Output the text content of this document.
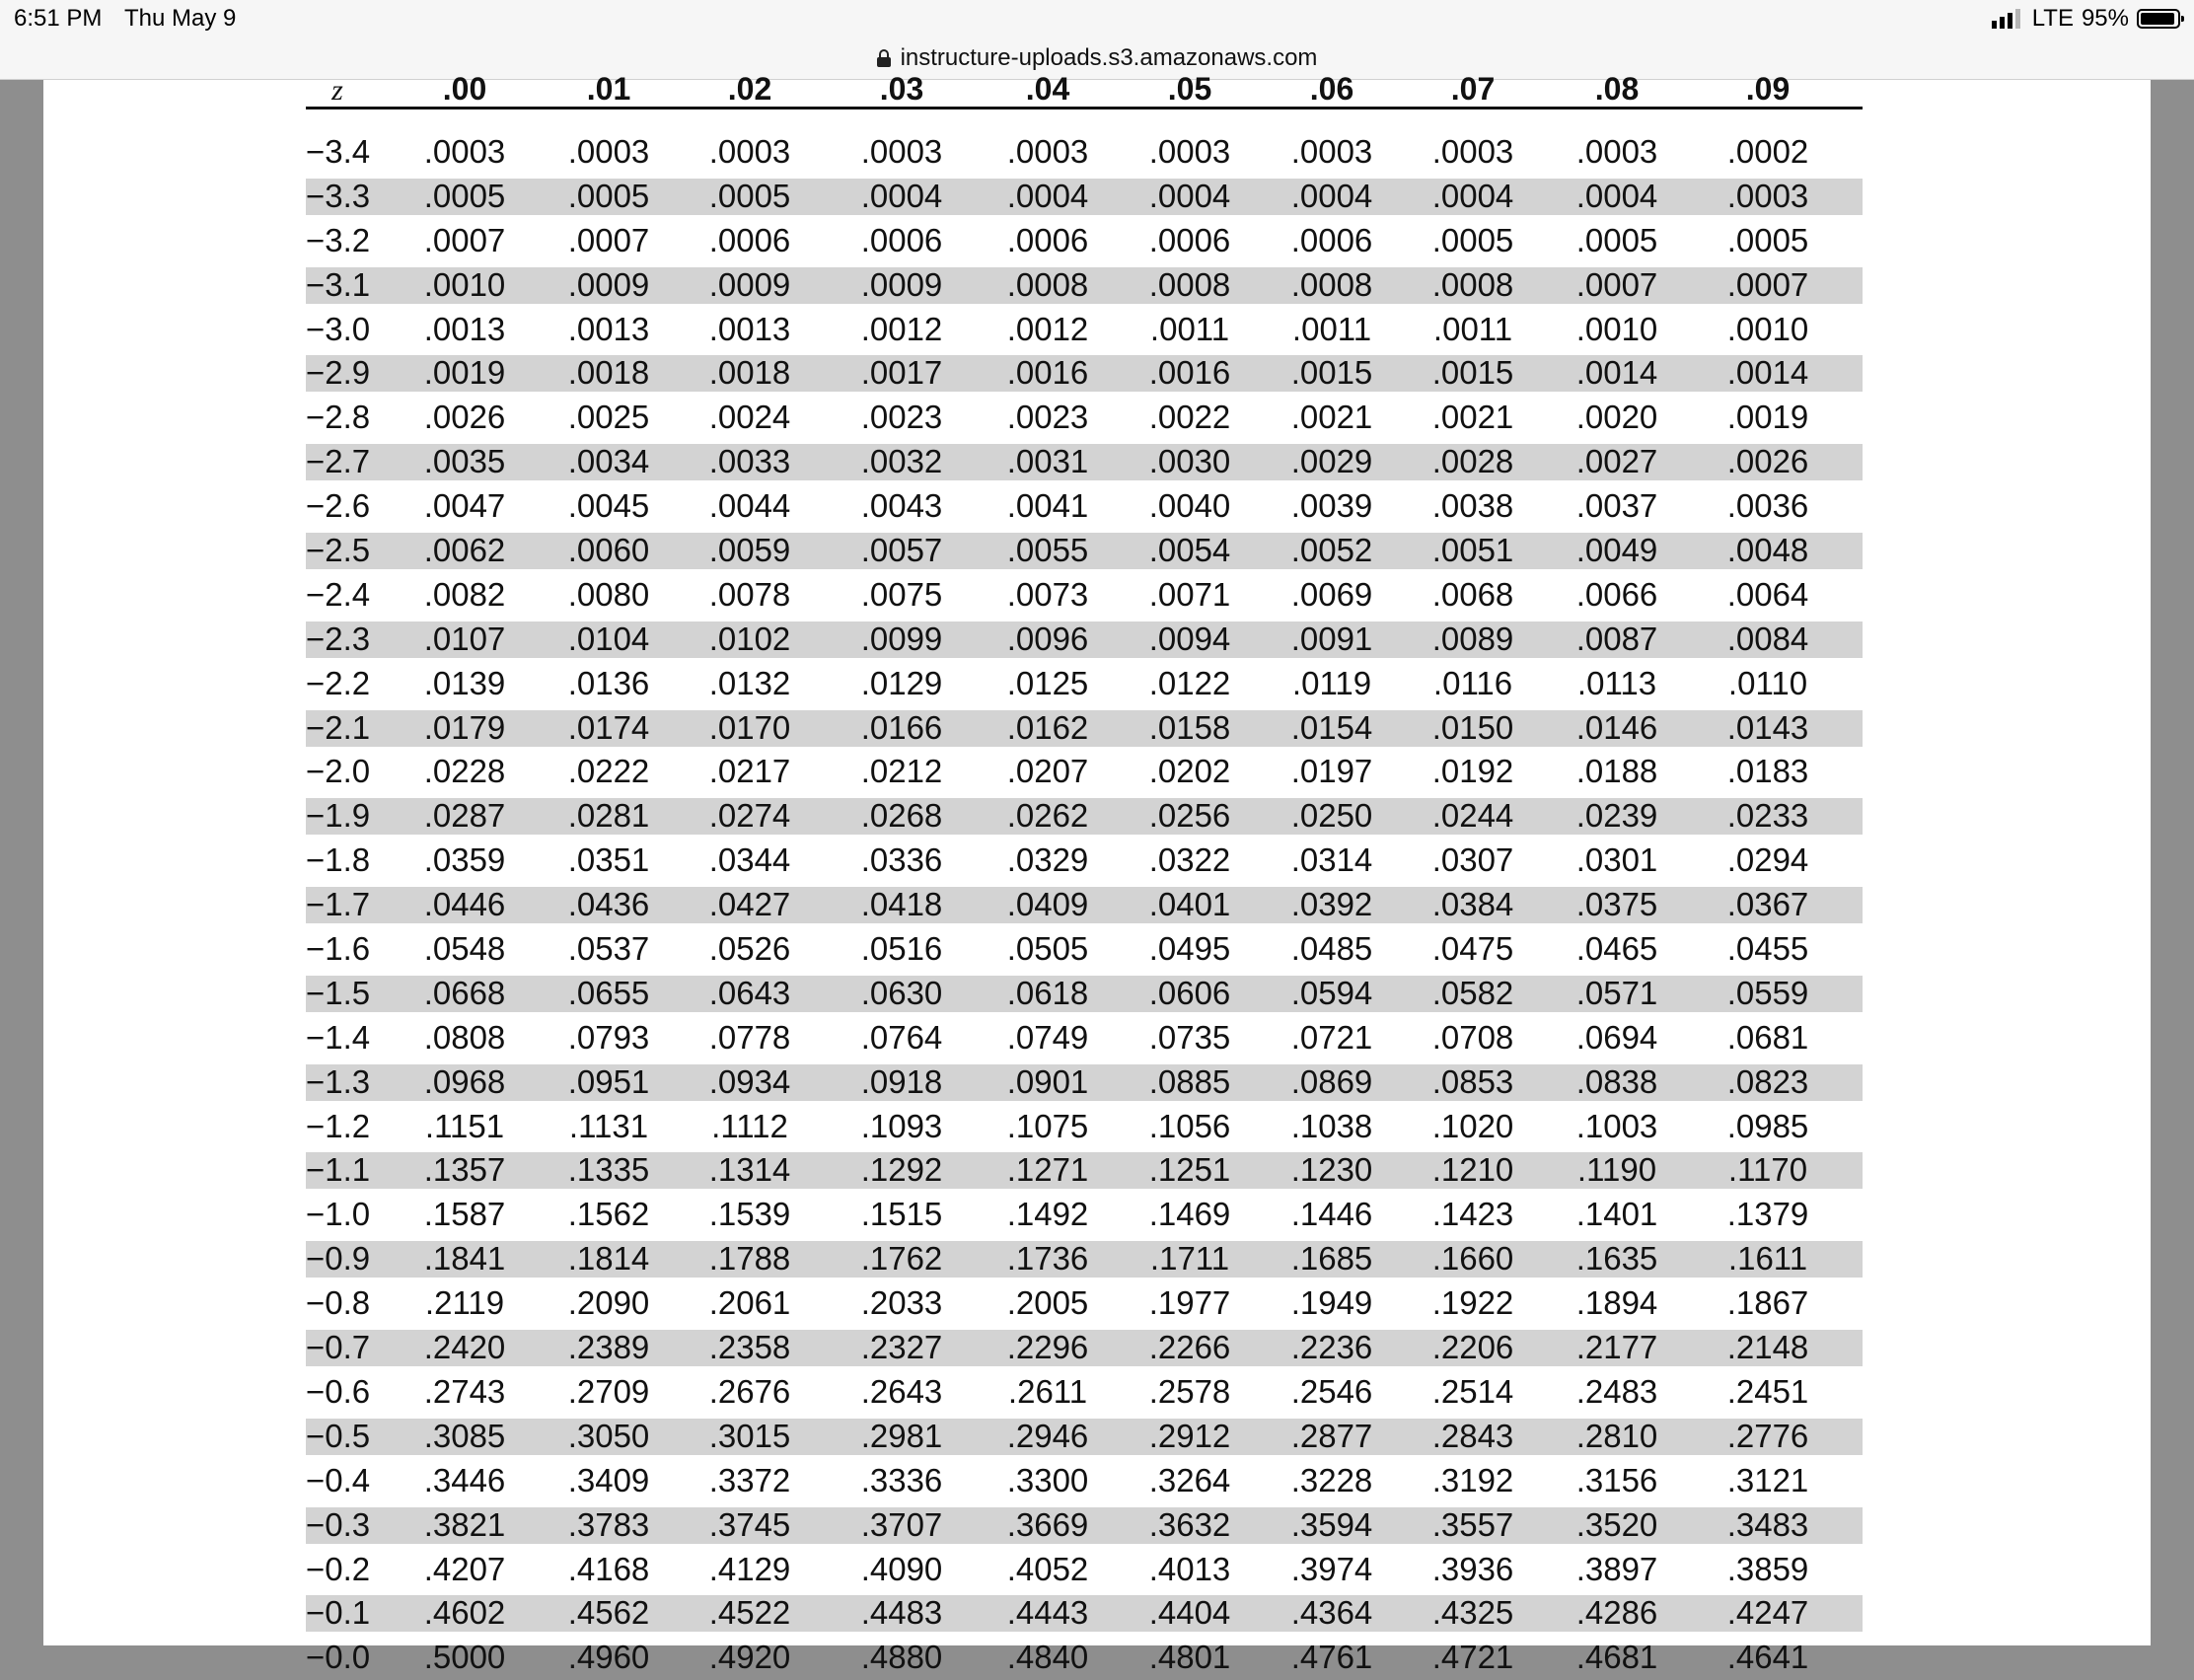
6:51 PM Thu May 9	LTE 95%
instructure-uploads.s3.amazonaws.com
z	.00	.01	.02	.03	.04	.05	.06	.07	.08	.09
−3.4 .0003 .0003 .0003 .0003 .0003 .0003 .0003 .0003 .0003 .0002
−3.3 .0005 .0005 .0005 .0004 .0004 .0004 .0004 .0004 .0004 .0003
−3.2 .0007 .0007 .0006 .0006 .0006 .0006 .0006 .0005 .0005 .0005
−3.1 .0010 .0009 .0009 .0009 .0008 .0008 .0008 .0008 .0007 .0007
−3.0 .0013 .0013 .0013 .0012 .0012 .0011 .0011 .0011 .0010 .0010
−2.9 .0019 .0018 .0018 .0017 .0016 .0016 .0015 .0015 .0014 .0014
−2.8 .0026 .0025 .0024 .0023 .0023 .0022 .0021 .0021 .0020 .0019
−2.7 .0035 .0034 .0033 .0032 .0031 .0030 .0029 .0028 .0027 .0026
−2.6 .0047 .0045 .0044 .0043 .0041 .0040 .0039 .0038 .0037 .0036
−2.5 .0062 .0060 .0059 .0057 .0055 .0054 .0052 .0051 .0049 .0048
−2.4 .0082 .0080 .0078 .0075 .0073 .0071 .0069 .0068 .0066 .0064
−2.3 .0107 .0104 .0102 .0099 .0096 .0094 .0091 .0089 .0087 .0084
−2.2 .0139 .0136 .0132 .0129 .0125 .0122 .0119 .0116 .0113 .0110
−2.1 .0179 .0174 .0170 .0166 .0162 .0158 .0154 .0150 .0146 .0143
−2.0 .0228 .0222 .0217 .0212 .0207 .0202 .0197 .0192 .0188 .0183
−1.9 .0287 .0281 .0274 .0268 .0262 .0256 .0250 .0244 .0239 .0233
−1.8 .0359 .0351 .0344 .0336 .0329 .0322 .0314 .0307 .0301 .0294
−1.7 .0446 .0436 .0427 .0418 .0409 .0401 .0392 .0384 .0375 .0367
−1.6 .0548 .0537 .0526 .0516 .0505 .0495 .0485 .0475 .0465 .0455
−1.5 .0668 .0655 .0643 .0630 .0618 .0606 .0594 .0582 .0571 .0559
−1.4 .0808 .0793 .0778 .0764 .0749 .0735 .0721 .0708 .0694 .0681
−1.3 .0968 .0951 .0934 .0918 .0901 .0885 .0869 .0853 .0838 .0823
−1.2 .1151 .1131 .1112 .1093 .1075 .1056 .1038 .1020 .1003 .0985
−1.1 .1357 .1335 .1314 .1292 .1271 .1251 .1230 .1210 .1190 .1170
−1.0 .1587 .1562 .1539 .1515 .1492 .1469 .1446 .1423 .1401 .1379
−0.9 .1841 .1814 .1788 .1762 .1736 .1711 .1685 .1660 .1635 .1611
−0.8 .2119 .2090 .2061 .2033 .2005 .1977 .1949 .1922 .1894 .1867
−0.7 .2420 .2389 .2358 .2327 .2296 .2266 .2236 .2206 .2177 .2148
−0.6 .2743 .2709 .2676 .2643 .2611 .2578 .2546 .2514 .2483 .2451
−0.5 .3085 .3050 .3015 .2981 .2946 .2912 .2877 .2843 .2810 .2776
−0.4 .3446 .3409 .3372 .3336 .3300 .3264 .3228 .3192 .3156 .3121
−0.3 .3821 .3783 .3745 .3707 .3669 .3632 .3594 .3557 .3520 .3483
−0.2 .4207 .4168 .4129 .4090 .4052 .4013 .3974 .3936 .3897 .3859
−0.1 .4602 .4562 .4522 .4483 .4443 .4404 .4364 .4325 .4286 .4247
−0.0 .5000 .4960 .4920 .4880 .4840 .4801 .4761 .4721 .4681 .4641
